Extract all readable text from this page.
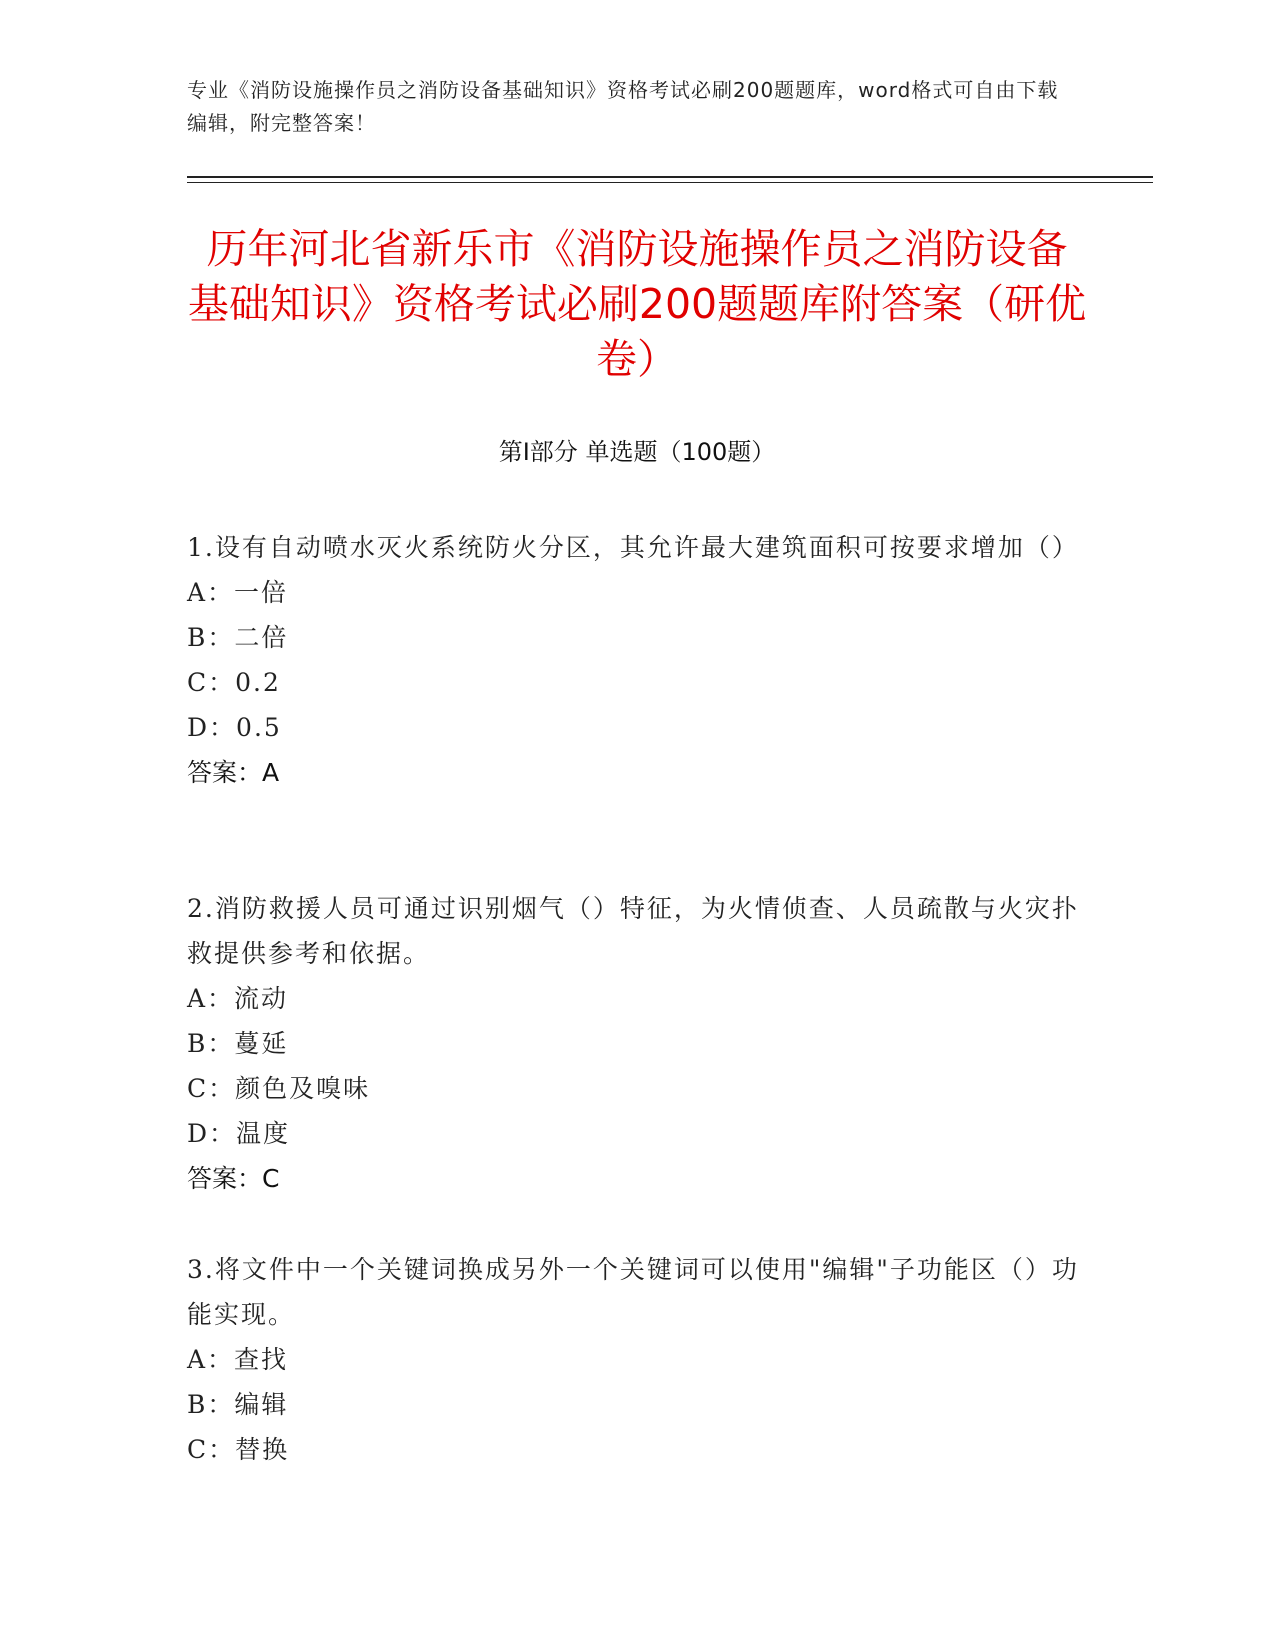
专业《消防设施操作员之消防设备基础知识》资格考试必刷200题题库，word格式可自由下载编辑，附完整答案！
历年河北省新乐市《消防设施操作员之消防设备基础知识》资格考试必刷200题题库附答案（研优卷）
第Ⅰ部分 单选题（100题）
1.设有自动喷水灭火系统防火分区，其允许最大建筑面积可按要求增加（）
A：一倍
B：二倍
C：0.2
D：0.5
答案：A
2.消防救援人员可通过识别烟气（）特征，为火情侦查、人员疏散与火灾扑救提供参考和依据。
A：流动
B：蔓延
C：颜色及嗅味
D：温度
答案：C
3.将文件中一个关键词换成另外一个关键词可以使用"编辑"子功能区（）功能实现。
A：查找
B：编辑
C：替换
